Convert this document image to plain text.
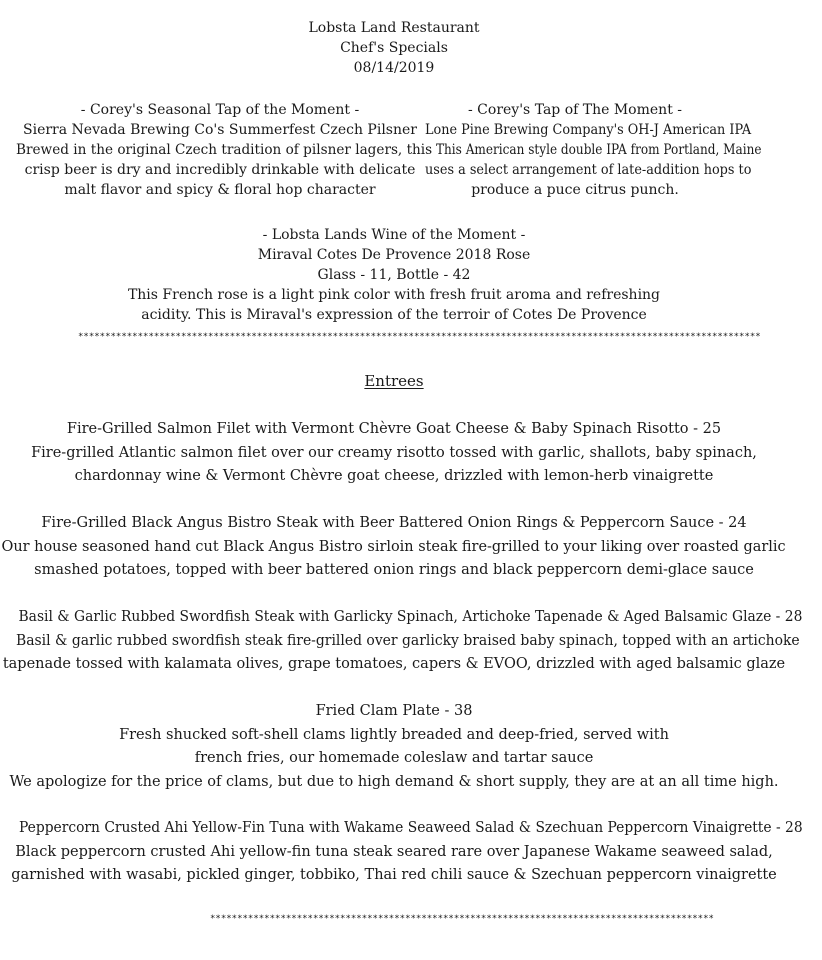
Lobsta Land Restaurant
Chef's Specials
08/14/2019
- Corey's Seasonal Tap of the Moment -
Sierra Nevada Brewing Co's Summerfest Czech Pilsner
Brewed in the original Czech tradition of pilsner lagers, this
crisp beer is dry and incredibly drinkable with delicate
malt flavor and spicy & floral hop character
- Corey's Tap of The Moment -
Lone Pine Brewing Company's OH-J American IPA
This American style double IPA from Portland, Maine
uses a select arrangement of late-addition hops to
produce a puce citrus punch.
- Lobsta Lands Wine of the Moment -
Miraval Cotes De Provence 2018 Rose
Glass - 11, Bottle - 42
This French rose is a light pink color with fresh fruit aroma and refreshing
acidity. This is Miraval's expression of the terroir of Cotes De Provence
******************************************************************************************************************************
Entrees
Fire-Grilled Salmon Filet with Vermont Chèvre Goat Cheese & Baby Spinach Risotto - 25
Fire-grilled Atlantic salmon filet over our creamy risotto tossed with garlic, shallots, baby spinach,
chardonnay wine & Vermont Chèvre goat cheese, drizzled with lemon-herb vinaigrette
Fire-Grilled Black Angus Bistro Steak with Beer Battered Onion Rings & Peppercorn Sauce - 24
Our house seasoned hand cut Black Angus Bistro sirloin steak fire-grilled to your liking over roasted garlic
smashed potatoes, topped with beer battered onion rings and black peppercorn demi-glace sauce
Basil & Garlic Rubbed Swordfish Steak with Garlicky Spinach, Artichoke Tapenade & Aged Balsamic Glaze - 28
Basil & garlic rubbed swordfish steak fire-grilled over garlicky braised baby spinach, topped with an artichoke
tapenade tossed with kalamata olives, grape tomatoes, capers & EVOO, drizzled with aged balsamic glaze
Fried Clam Plate - 38
Fresh shucked soft-shell clams lightly breaded and deep-fried, served with
french fries, our homemade coleslaw and tartar sauce
We apologize for the price of clams, but due to high demand & short supply, they are at an all time high.
Peppercorn Crusted Ahi Yellow-Fin Tuna with Wakame Seaweed Salad & Szechuan Peppercorn Vinaigrette - 28
Black peppercorn crusted Ahi yellow-fin tuna steak seared rare over Japanese Wakame seaweed salad,
garnished with wasabi, pickled ginger, tobbiko, Thai red chili sauce & Szechuan peppercorn vinaigrette
*********************************************************************************************
